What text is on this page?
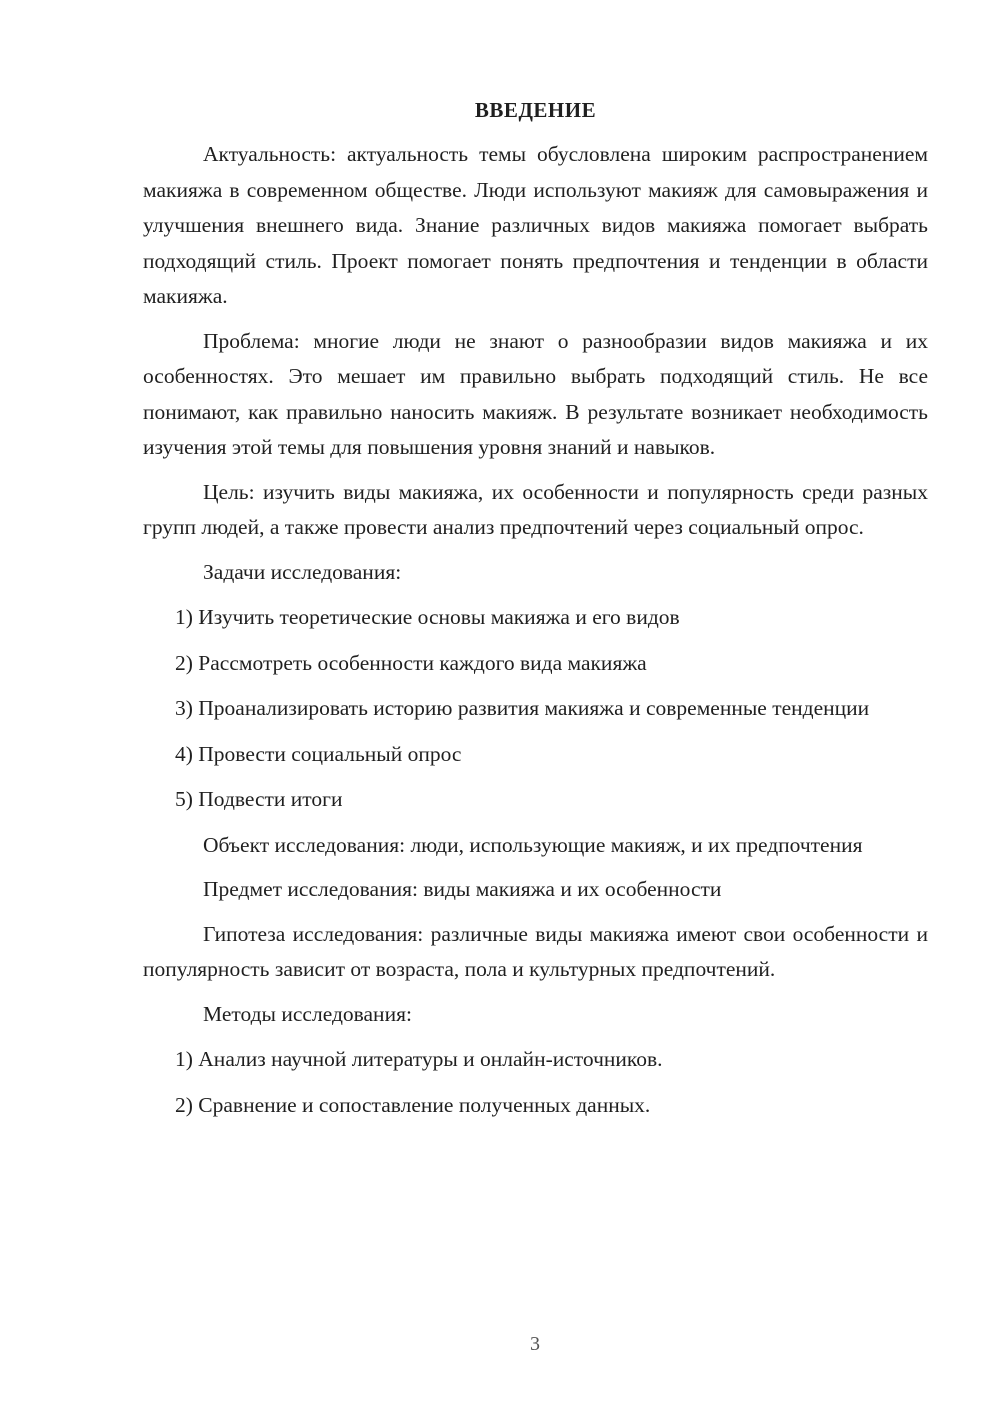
ВВЕДЕНИЕ

Актуальность: актуальность темы обусловлена широким распространением макияжа в современном обществе. Люди используют макияж для самовыражения и улучшения внешнего вида. Знание различных видов макияжа помогает выбрать подходящий стиль. Проект помогает понять предпочтения и тенденции в области макияжа.

Проблема: многие люди не знают о разнообразии видов макияжа и их особенностях. Это мешает им правильно выбрать подходящий стиль. Не все понимают, как правильно наносить макияж. В результате возникает необходимость изучения этой темы для повышения уровня знаний и навыков.

Цель: изучить виды макияжа, их особенности и популярность среди разных групп людей, а также провести анализ предпочтений через социальный опрос.

Задачи исследования:

1) Изучить теоретические основы макияжа и его видов

2) Рассмотреть особенности каждого вида макияжа

3) Проанализировать историю развития макияжа и современные тенденции

4) Провести социальный опрос

5) Подвести итоги

Объект исследования: люди, использующие макияж, и их предпочтения

Предмет исследования: виды макияжа и их особенности

Гипотеза исследования: различные виды макияжа имеют свои особенности и популярность зависит от возраста, пола и культурных предпочтений.

Методы исследования:

1) Анализ научной литературы и онлайн-источников.

2) Сравнение и сопоставление полученных данных.

3
